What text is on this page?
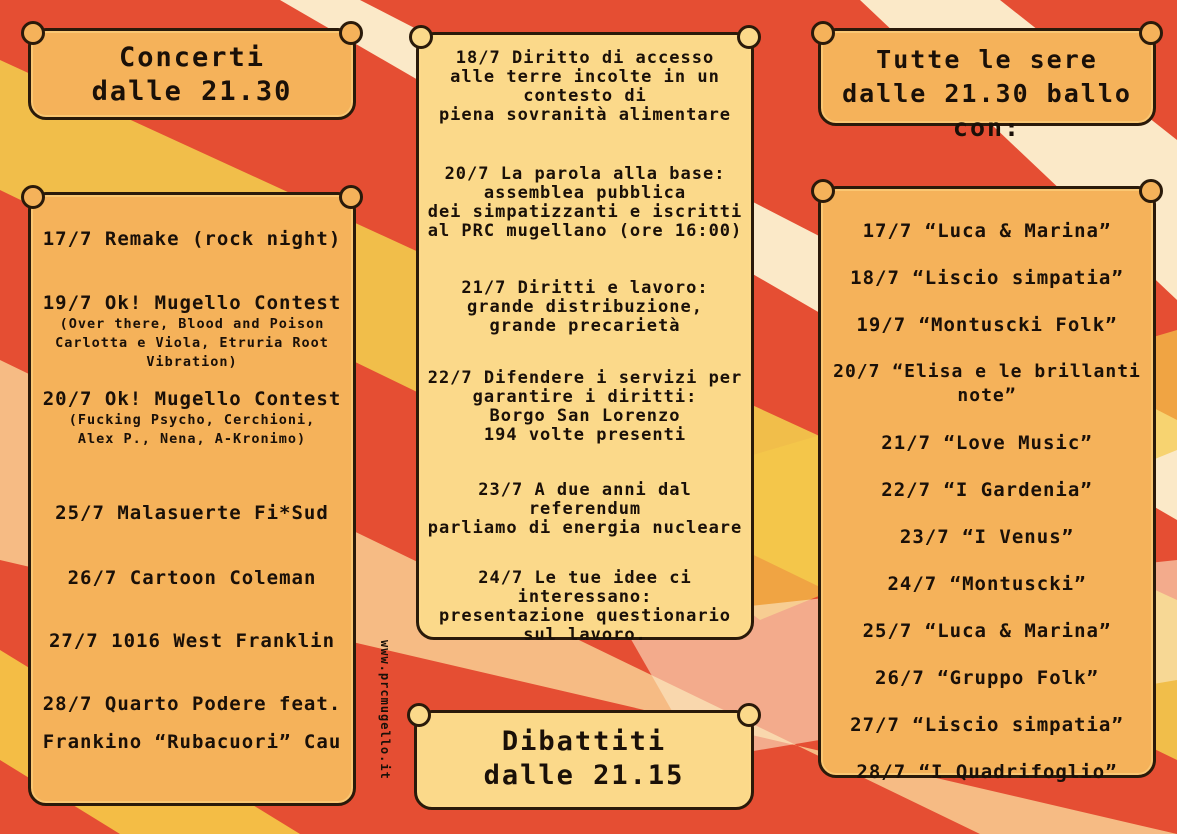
Concerti
dalle 21.30
17/7 Remake (rock night)
19/7 Ok! Mugello Contest
(Over there, Blood and Poison
Carlotta e Viola, Etruria Root Vibration)
20/7 Ok! Mugello Contest
(Fucking Psycho, Cerchioni,
Alex P., Nena, A-Kronimo)
25/7 Malasuerte Fi*Sud
26/7 Cartoon Coleman
27/7 1016 West Franklin
28/7 Quarto Podere feat.
Frankino “Rubacuori” Cau	www.prcmugello.it
18/7 Diritto di accesso
alle terre incolte in un
contesto di
piena sovranità alimentare
20/7 La parola alla base:
assemblea pubblica
dei simpatizzanti e iscritti
al PRC mugellano (ore 16:00)
21/7 Diritti e lavoro:
grande distribuzione,
grande precarietà
22/7 Difendere i servizi per
garantire i diritti:
Borgo San Lorenzo
194 volte presenti
23/7 A due anni dal
referendum
parliamo di energia nucleare
24/7 Le tue idee ci interessano:
presentazione questionario
sul lavoro.
Dibattiti
dalle 21.15
Tutte le sere
dalle 21.30 ballo con:
17/7 “Luca & Marina”
18/7 “Liscio simpatia”
19/7 “Montuscki Folk”
20/7 “Elisa e le brillanti note”
21/7 “Love Music”
22/7 “I Gardenia”
23/7 “I Venus”
24/7 “Montuscki”
25/7 “Luca & Marina”
26/7 “Gruppo Folk”
27/7 “Liscio simpatia”
28/7 “I Quadrifoglio”
